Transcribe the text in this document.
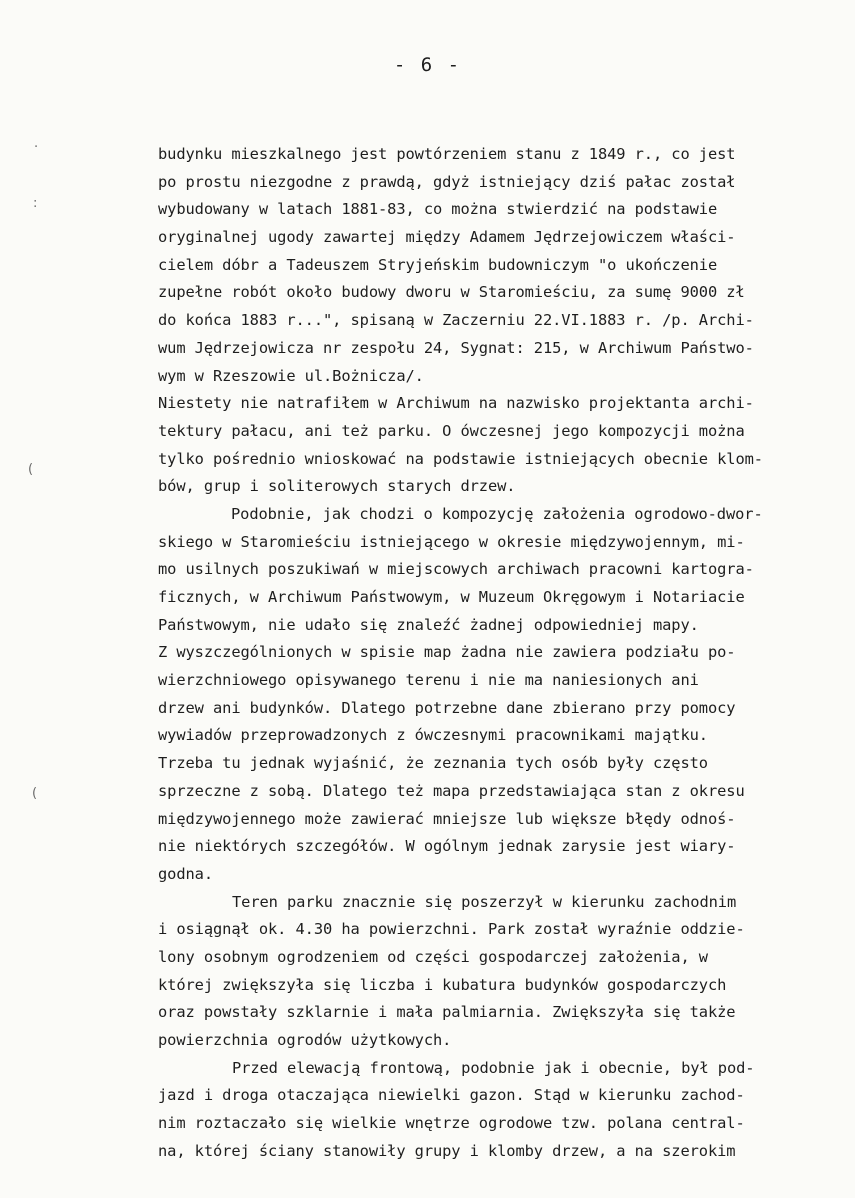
- 6 -
·
:
(
(
budynku mieszkalnego jest powtórzeniem stanu z 1849 r., co jest
po prostu niezgodne z prawdą, gdyż istniejący dziś pałac został
wybudowany w latach 1881-83, co można stwierdzić na podstawie
oryginalnej ugody zawartej między Adamem Jędrzejowiczem właści-
cielem dóbr a Tadeuszem Stryjeńskim budowniczym "o ukończenie
zupełne robót około budowy dworu w Staromieściu, za sumę 9000 zł
do końca 1883 r...", spisaną w Zaczerniu 22.VI.1883 r. /p. Archi-
wum Jędrzejowicza nr zespołu 24, Sygnat: 215, w Archiwum Państwo-
wym w Rzeszowie ul.Bożnicza/.
Niestety nie natrafiłem w Archiwum na nazwisko projektanta archi-
tektury pałacu, ani też parku. O ówczesnej jego kompozycji można
tylko pośrednio wnioskować na podstawie istniejących obecnie klom-
bów, grup i soliterowych starych drzew.
Podobnie, jak chodzi o kompozycję założenia ogrodowo-dwor-
skiego w Staromieściu istniejącego w okresie międzywojennym, mi-
mo usilnych poszukiwań w miejscowych archiwach pracowni kartogra-
ficznych, w Archiwum Państwowym, w Muzeum Okręgowym i Notariacie
Państwowym, nie udało się znaleźć żadnej odpowiedniej mapy.
Z wyszczególnionych w spisie map żadna nie zawiera podziału po-
wierzchniowego opisywanego terenu i nie ma naniesionych ani
drzew ani budynków. Dlatego potrzebne dane zbierano przy pomocy
wywiadów przeprowadzonych z ówczesnymi pracownikami majątku.
Trzeba tu jednak wyjaśnić, że zeznania tych osób były często
sprzeczne z sobą. Dlatego też mapa przedstawiająca stan z okresu
międzywojennego może zawierać mniejsze lub większe błędy odnoś-
nie niektórych szczegółów. W ogólnym jednak zarysie jest wiary-
godna.
Teren parku znacznie się poszerzył w kierunku zachodnim
i osiągnął ok. 4.30 ha powierzchni. Park został wyraźnie oddzie-
lony osobnym ogrodzeniem od części gospodarczej założenia, w
której zwiększyła się liczba i kubatura budynków gospodarczych
oraz powstały szklarnie i mała palmiarnia. Zwiększyła się także
powierzchnia ogrodów użytkowych.
Przed elewacją frontową, podobnie jak i obecnie, był pod-
jazd i droga otaczająca niewielki gazon. Stąd w kierunku zachod-
nim roztaczało się wielkie wnętrze ogrodowe tzw. polana central-
na, której ściany stanowiły grupy i klomby drzew, a na szerokim
